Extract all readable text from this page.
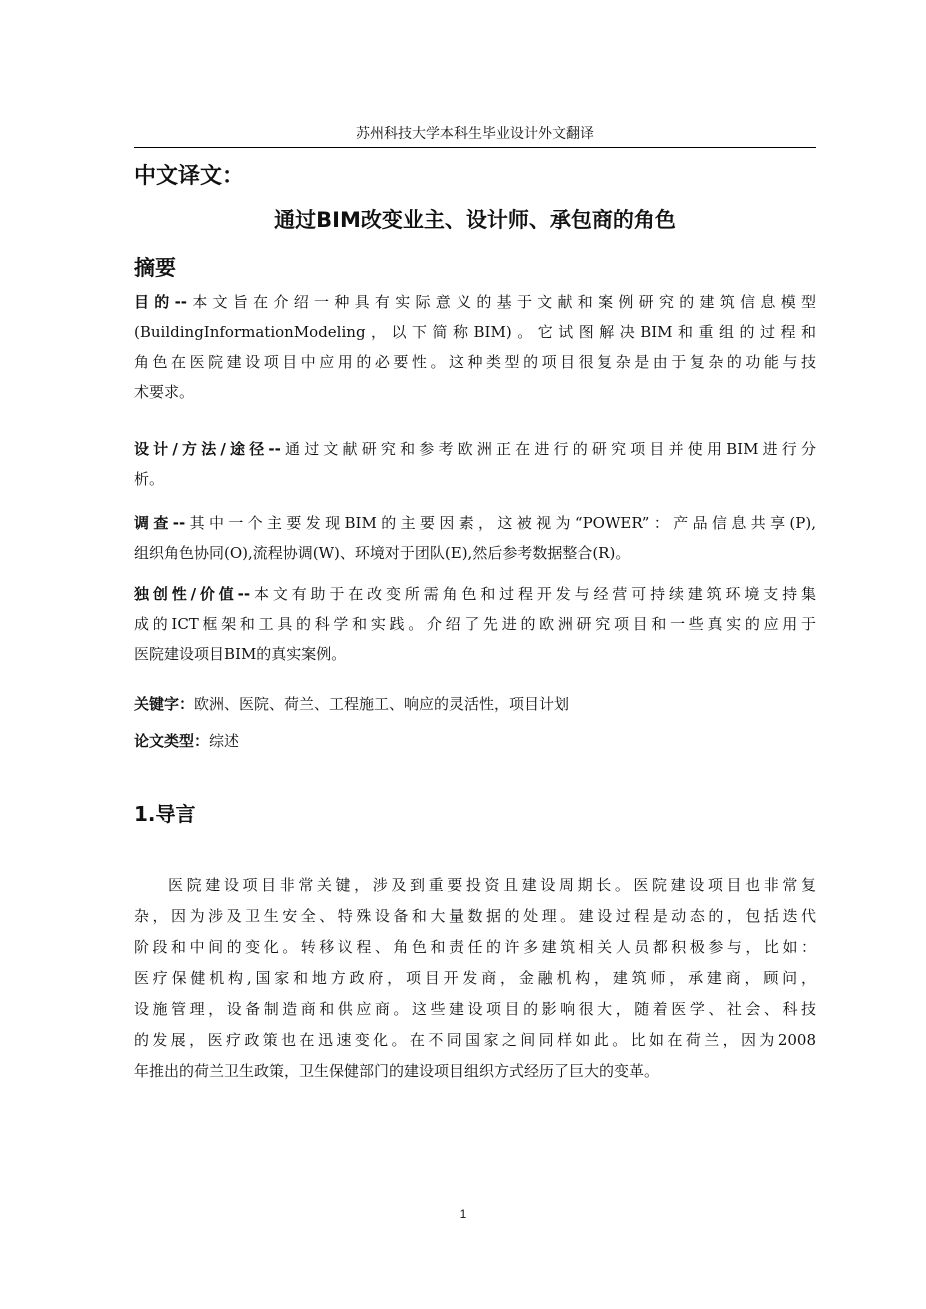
苏州科技大学本科生毕业设计外文翻译
中文译文：
通过BIM改变业主、设计师、承包商的角色
摘要
目的--本文旨在介绍一种具有实际意义的基于文献和案例研究的建筑信息模型
(BuildingInformationModeling，以下简称BIM)。它试图解决BIM和重组的过程和
角色在医院建设项目中应用的必要性。这种类型的项目很复杂是由于复杂的功能与技
术要求。
设计/方法/途径--通过文献研究和参考欧洲正在进行的研究项目并使用BIM进行分
析。
调查--其中一个主要发现BIM的主要因素，这被视为“POWER”：产品信息共享(P),
组织角色协同(O),流程协调(W)、环境对于团队(E),然后参考数据整合(R)。
独创性/价值--本文有助于在改变所需角色和过程开发与经营可持续建筑环境支持集
成的ICT框架和工具的科学和实践。介绍了先进的欧洲研究项目和一些真实的应用于
医院建设项目BIM的真实案例。
关键字：欧洲、医院、荷兰、工程施工、响应的灵活性，项目计划
论文类型：综述
1.导言
医院建设项目非常关键，涉及到重要投资且建设周期长。医院建设项目也非常复
杂，因为涉及卫生安全、特殊设备和大量数据的处理。建设过程是动态的，包括迭代
阶段和中间的变化。转移议程、角色和责任的许多建筑相关人员都积极参与，比如：
医疗保健机构,国家和地方政府，项目开发商，金融机构，建筑师，承建商，顾问，
设施管理，设备制造商和供应商。这些建设项目的影响很大，随着医学、社会、科技
的发展，医疗政策也在迅速变化。在不同国家之间同样如此。比如在荷兰，因为2008
年推出的荷兰卫生政策，卫生保健部门的建设项目组织方式经历了巨大的变革。
1
